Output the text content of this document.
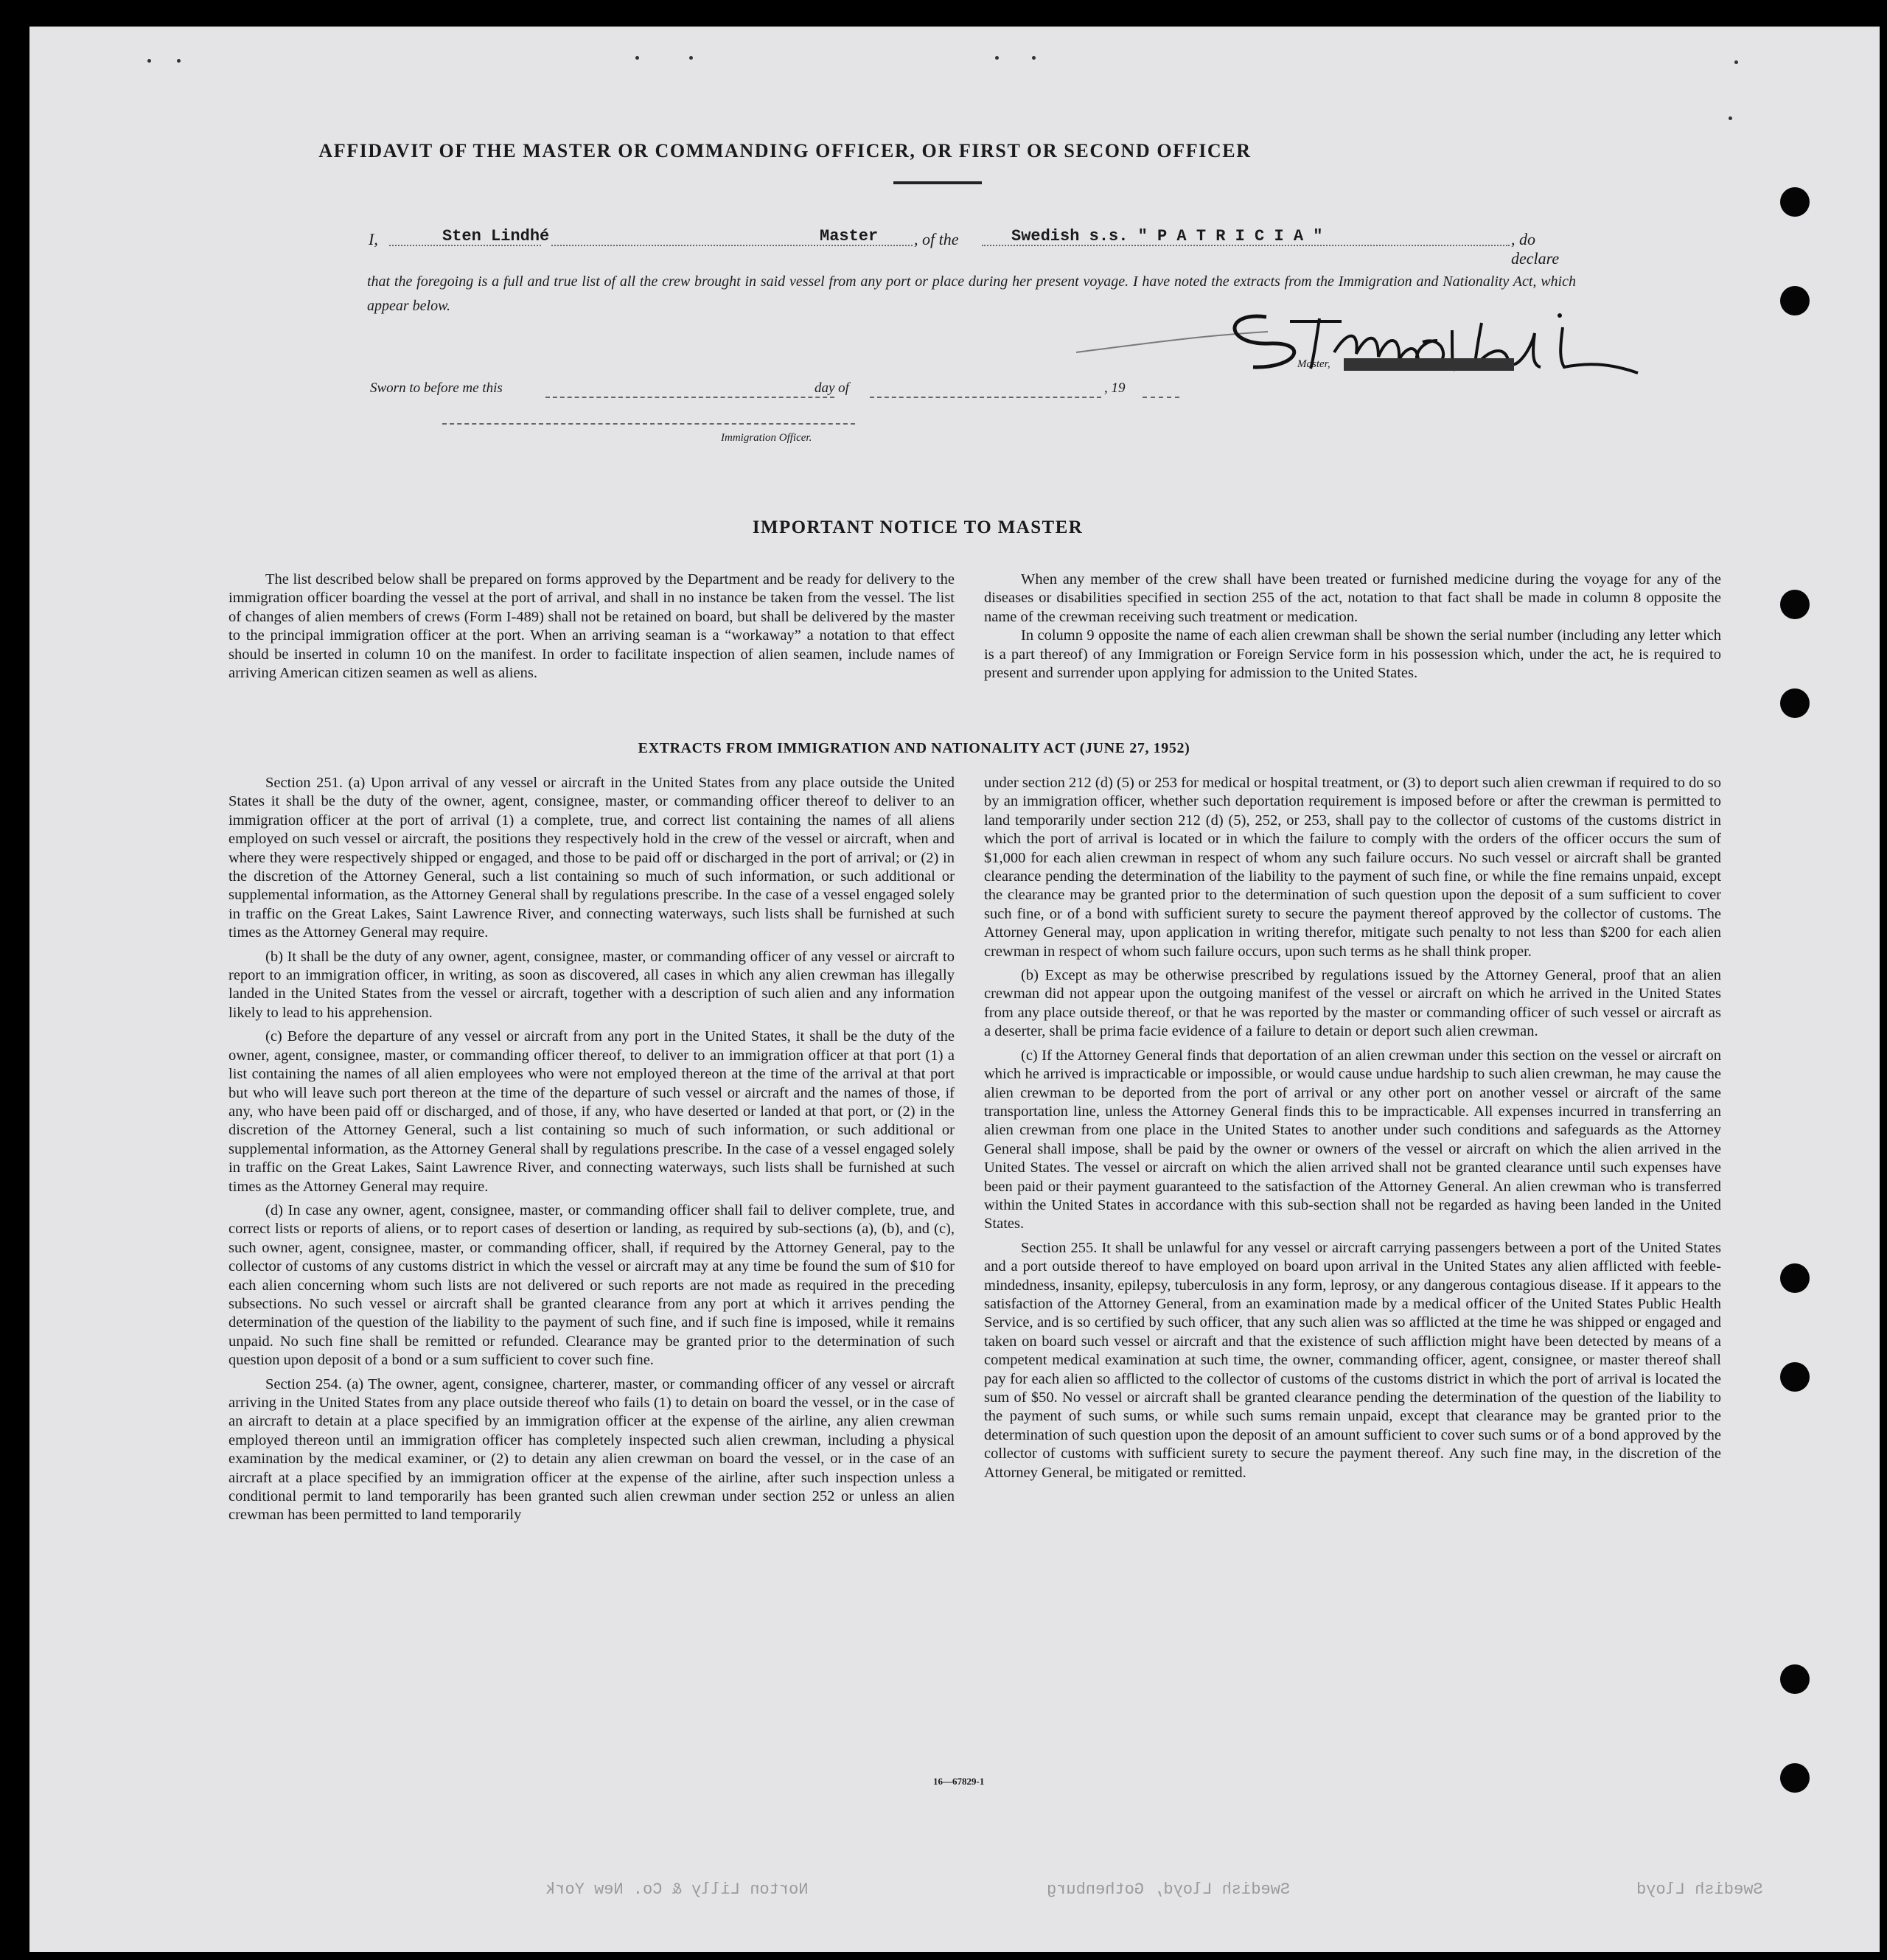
AFFIDAVIT OF THE MASTER OR COMMANDING OFFICER, OR FIRST OR SECOND OFFICER
I,	Sten Lindhé	Master , of the	Swedish s.s. " P A T R I C I A "	, do declare
that the foregoing is a full and true list of all the crew brought in said vessel from any port or place during her present voyage. I have noted the extracts from the Immigration and Nationality Act, which appear below.
Master, FIRST OR SECOND OFFICER
Sworn to before me this	day of	, 19
Immigration Officer.
IMPORTANT NOTICE TO MASTER

The list described below shall be prepared on forms approved by the Department and be ready for delivery to the immigration officer boarding the vessel at the port of arrival, and shall in no instance be taken from the vessel. The list of changes of alien members of crews (Form I-489) shall not be retained on board, but shall be delivered by the master to the principal immigration officer at the port. When an arriving seaman is a “workaway” a notation to that effect should be inserted in column 10 on the manifest. In order to facilitate inspection of alien seamen, include names of arriving American citizen seamen as well as aliens.

When any member of the crew shall have been treated or furnished medicine during the voyage for any of the diseases or disabilities specified in section 255 of the act, notation to that fact shall be made in column 8 opposite the name of the crewman receiving such treatment or medication.

In column 9 opposite the name of each alien crewman shall be shown the serial number (including any letter which is a part thereof) of any Immigration or Foreign Service form in his possession which, under the act, he is required to present and surrender upon applying for admission to the United States.

EXTRACTS FROM IMMIGRATION AND NATIONALITY ACT (JUNE 27, 1952)

Section 251. (a) Upon arrival of any vessel or aircraft in the United States from any place outside the United States it shall be the duty of the owner, agent, consignee, master, or commanding officer thereof to deliver to an immigration officer at the port of arrival (1) a complete, true, and correct list containing the names of all aliens employed on such vessel or aircraft, the positions they respectively hold in the crew of the vessel or aircraft, when and where they were respectively shipped or engaged, and those to be paid off or discharged in the port of arrival; or (2) in the discretion of the Attorney General, such a list containing so much of such information, or such additional or supplemental information, as the Attorney General shall by regulations prescribe. In the case of a vessel engaged solely in traffic on the Great Lakes, Saint Lawrence River, and connecting waterways, such lists shall be furnished at such times as the Attorney General may require.

(b) It shall be the duty of any owner, agent, consignee, master, or commanding officer of any vessel or aircraft to report to an immigration officer, in writing, as soon as discovered, all cases in which any alien crewman has illegally landed in the United States from the vessel or aircraft, together with a description of such alien and any information likely to lead to his apprehension.

(c) Before the departure of any vessel or aircraft from any port in the United States, it shall be the duty of the owner, agent, consignee, master, or commanding officer thereof, to deliver to an immigration officer at that port (1) a list containing the names of all alien employees who were not employed thereon at the time of the arrival at that port but who will leave such port thereon at the time of the departure of such vessel or aircraft and the names of those, if any, who have been paid off or discharged, and of those, if any, who have deserted or landed at that port, or (2) in the discretion of the Attorney General, such a list containing so much of such information, or such additional or supplemental information, as the Attorney General shall by regulations prescribe. In the case of a vessel engaged solely in traffic on the Great Lakes, Saint Lawrence River, and connecting waterways, such lists shall be furnished at such times as the Attorney General may require.

(d) In case any owner, agent, consignee, master, or commanding officer shall fail to deliver complete, true, and correct lists or reports of aliens, or to report cases of desertion or landing, as required by sub-sections (a), (b), and (c), such owner, agent, consignee, master, or commanding officer, shall, if required by the Attorney General, pay to the collector of customs of any customs district in which the vessel or aircraft may at any time be found the sum of $10 for each alien concerning whom such lists are not delivered or such reports are not made as required in the preceding subsections. No such vessel or aircraft shall be granted clearance from any port at which it arrives pending the determination of the question of the liability to the payment of such fine, and if such fine is imposed, while it remains unpaid. No such fine shall be remitted or refunded. Clearance may be granted prior to the determination of such question upon deposit of a bond or a sum sufficient to cover such fine.

Section 254. (a) The owner, agent, consignee, charterer, master, or commanding officer of any vessel or aircraft arriving in the United States from any place outside thereof who fails (1) to detain on board the vessel, or in the case of an aircraft to detain at a place specified by an immigration officer at the expense of the airline, any alien crewman employed thereon until an immigration officer has completely inspected such alien crewman, including a physical examination by the medical examiner, or (2) to detain any alien crewman on board the vessel, or in the case of an aircraft at a place specified by an immigration officer at the expense of the airline, after such inspection unless a conditional permit to land temporarily has been granted such alien crewman under section 252 or unless an alien crewman has been permitted to land temporarily

under section 212 (d) (5) or 253 for medical or hospital treatment, or (3) to deport such alien crewman if required to do so by an immigration officer, whether such deportation requirement is imposed before or after the crewman is permitted to land temporarily under section 212 (d) (5), 252, or 253, shall pay to the collector of customs of the customs district in which the port of arrival is located or in which the failure to comply with the orders of the officer occurs the sum of $1,000 for each alien crewman in respect of whom any such failure occurs. No such vessel or aircraft shall be granted clearance pending the determination of the liability to the payment of such fine, or while the fine remains unpaid, except the clearance may be granted prior to the determination of such question upon the deposit of a sum sufficient to cover such fine, or of a bond with sufficient surety to secure the payment thereof approved by the collector of customs. The Attorney General may, upon application in writing therefor, mitigate such penalty to not less than $200 for each alien crewman in respect of whom such failure occurs, upon such terms as he shall think proper.

(b) Except as may be otherwise prescribed by regulations issued by the Attorney General, proof that an alien crewman did not appear upon the outgoing manifest of the vessel or aircraft on which he arrived in the United States from any place outside thereof, or that he was reported by the master or commanding officer of such vessel or aircraft as a deserter, shall be prima facie evidence of a failure to detain or deport such alien crewman.

(c) If the Attorney General finds that deportation of an alien crewman under this section on the vessel or aircraft on which he arrived is impracticable or impossible, or would cause undue hardship to such alien crewman, he may cause the alien crewman to be deported from the port of arrival or any other port on another vessel or aircraft of the same transportation line, unless the Attorney General finds this to be impracticable. All expenses incurred in transferring an alien crewman from one place in the United States to another under such conditions and safeguards as the Attorney General shall impose, shall be paid by the owner or owners of the vessel or aircraft on which the alien arrived in the United States. The vessel or aircraft on which the alien arrived shall not be granted clearance until such expenses have been paid or their payment guaranteed to the satisfaction of the Attorney General. An alien crewman who is transferred within the United States in accordance with this sub-section shall not be regarded as having been landed in the United States.

Section 255. It shall be unlawful for any vessel or aircraft carrying passengers between a port of the United States and a port outside thereof to have employed on board upon arrival in the United States any alien afflicted with feeble-mindedness, insanity, epilepsy, tuberculosis in any form, leprosy, or any dangerous contagious disease. If it appears to the satisfaction of the Attorney General, from an examination made by a medical officer of the United States Public Health Service, and is so certified by such officer, that any such alien was so afflicted at the time he was shipped or engaged and taken on board such vessel or aircraft and that the existence of such affliction might have been detected by means of a competent medical examination at such time, the owner, commanding officer, agent, consignee, or master thereof shall pay for each alien so afflicted to the collector of customs of the customs district in which the port of arrival is located the sum of $50. No vessel or aircraft shall be granted clearance pending the determination of the question of the liability to the payment of such sums, or while such sums remain unpaid, except that clearance may be granted prior to the determination of such question upon the deposit of an amount sufficient to cover such sums or of a bond approved by the collector of customs with sufficient surety to secure the payment thereof. Any such fine may, in the discretion of the Attorney General, be mitigated or remitted.

16—67829-1
Norton Lilly & Co. New York	Swedish Lloyd, Gothenburg	Swedish Lloyd
